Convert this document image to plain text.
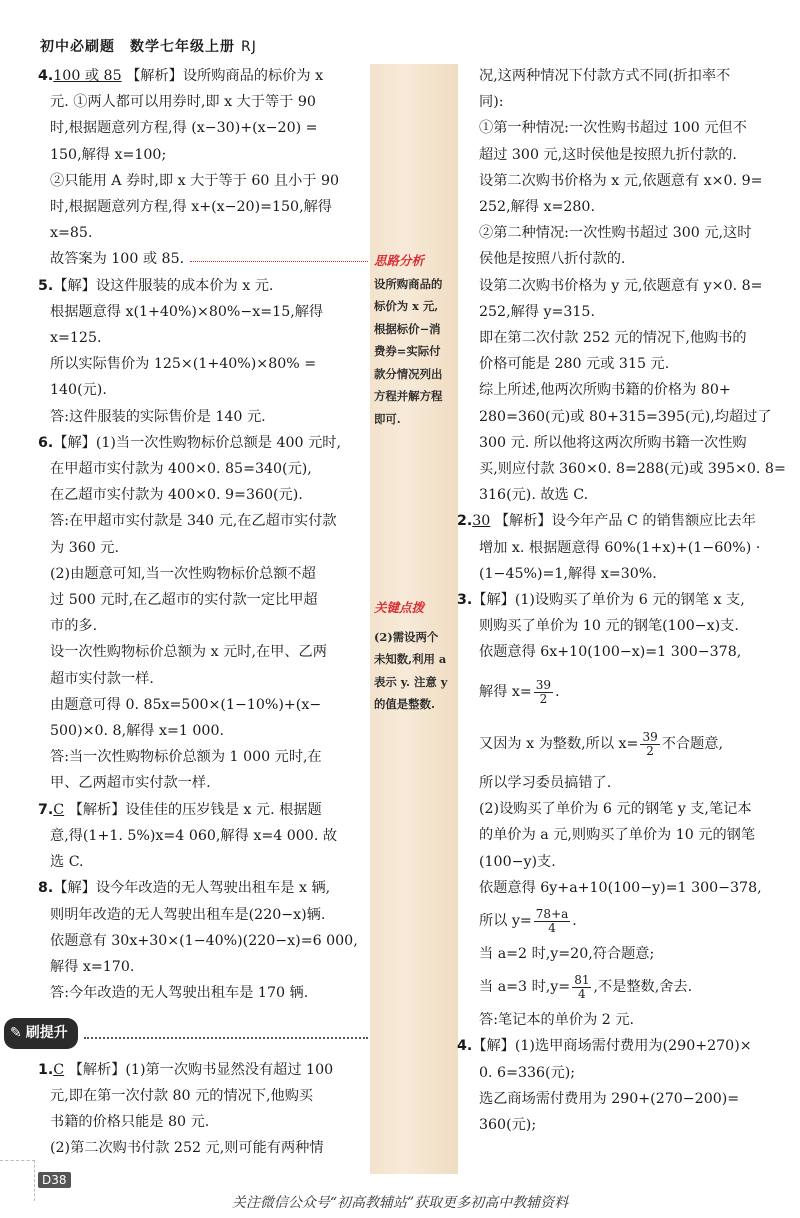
初中必刷题　数学七年级上册 RJ

4.100 或 85 【解析】设所购商品的标价为 x

元. ①两人都可以用券时,即 x 大于等于 90

时,根据题意列方程,得 (x−30)+(x−20) =

150,解得 x=100;

②只能用 A 券时,即 x 大于等于 60 且小于 90

时,根据题意列方程,得 x+(x−20)=150,解得

x=85.

故答案为 100 或 85.

5.【解】设这件服装的成本价为 x 元.

根据题意得 x(1+40%)×80%−x=15,解得

x=125.

所以实际售价为 125×(1+40%)×80% =

140(元).

答:这件服装的实际售价是 140 元.

6.【解】(1)当一次性购物标价总额是 400 元时,

在甲超市实付款为 400×0. 85=340(元),

在乙超市实付款为 400×0. 9=360(元).

答:在甲超市实付款是 340 元,在乙超市实付款

为 360 元.

(2)由题意可知,当一次性购物标价总额不超

过 500 元时,在乙超市的实付款一定比甲超

市的多.

设一次性购物标价总额为 x 元时,在甲、乙两

超市实付款一样.

由题意可得 0. 85x=500×(1−10%)+(x−

500)×0. 8,解得 x=1 000.

答:当一次性购物标价总额为 1 000 元时,在

甲、乙两超市实付款一样.

7.C 【解析】设佳佳的压岁钱是 x 元. 根据题

意,得(1+1. 5%)x=4 060,解得 x=4 000. 故

选 C.

8.【解】设今年改造的无人驾驶出租车是 x 辆,

则明年改造的无人驾驶出租车是(220−x)辆.

依题意有 30x+30×(1−40%)(220−x)=6 000,

解得 x=170.

答:今年改造的无人驾驶出租车是 170 辆.

✎ 刷提升

1.C 【解析】(1)第一次购书显然没有超过 100

元,即在第一次付款 80 元的情况下,他购买

书籍的价格只能是 80 元.

(2)第二次购书付款 252 元,则可能有两种情

思路分析
设所购商品的
标价为 x 元,
根据标价−消
费券=实际付
款分情况列出
方程并解方程
即可.
关键点拨
(2)需设两个
未知数,利用 a
表示 y. 注意 y
的值是整数.

况,这两种情况下付款方式不同(折扣率不

同):

①第一种情况:一次性购书超过 100 元但不

超过 300 元,这时侯他是按照九折付款的.

设第二次购书价格为 x 元,依题意有 x×0. 9=

252,解得 x=280.

②第二种情况:一次性购书超过 300 元,这时

侯他是按照八折付款的.

设第二次购书价格为 y 元,依题意有 y×0. 8=

252,解得 y=315.

即在第二次付款 252 元的情况下,他购书的

价格可能是 280 元或 315 元.

综上所述,他两次所购书籍的价格为 80+

280=360(元)或 80+315=395(元),均超过了

300 元. 所以他将这两次所购书籍一次性购

买,则应付款 360×0. 8=288(元)或 395×0. 8=

316(元). 故选 C.

2.30 【解析】设今年产品 C 的销售额应比去年

增加 x. 根据题意得 60%(1+x)+(1−60%) ·

(1−45%)=1,解得 x=30%.

3.【解】(1)设购买了单价为 6 元的钢笔 x 支,

则购买了单价为 10 元的钢笔(100−x)支.

依题意得 6x+10(100−x)=1 300−378,

解得 $x= \frac{39}{2}$ .

又因为 x 为整数,所以 $x= \frac{39}{2}$ 不合题意,

所以学习委员搞错了.

(2)设购买了单价为 6 元的钢笔 y 支,笔记本

的单价为 a 元,则购买了单价为 10 元的钢笔

(100−y)支.

依题意得 6y+a+10(100−y)=1 300−378,

所以 $y= \frac{78+a}{4}$ .

当 a=2 时,y=20,符合题意;

当 a=3 时$,y= \frac{81}{4}$ ,不是整数,舍去.

答:笔记本的单价为 2 元.

4.【解】(1)选甲商场需付费用为(290+270)×

0. 6=336(元);

选乙商场需付费用为 290+(270−200)=

360(元);

D38
关注微信公众号“初高教辅站”获取更多初高中教辅资料
